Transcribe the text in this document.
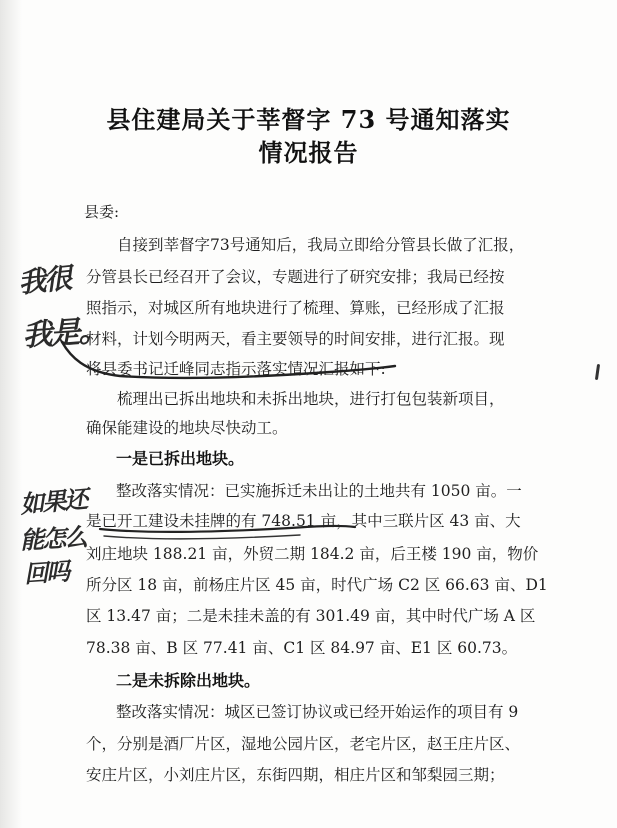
县住建局关于莘督字 73 号通知落实
情况报告
县委:
自接到莘督字73号通知后，我局立即给分管县长做了汇报，
分管县长已经召开了会议，专题进行了研究安排；我局已经按
照指示，对城区所有地块进行了梳理、算账，已经形成了汇报
材料，计划今明两天，看主要领导的时间安排，进行汇报。现
将县委书记迁峰同志指示落实情况汇报如下:
梳理出已拆出地块和未拆出地块，进行打包包装新项目，
确保能建设的地块尽快动工。
一是已拆出地块。
整改落实情况：已实施拆迁未出让的土地共有 1050 亩。一
是已开工建设未挂牌的有 748.51 亩，其中三联片区 43 亩、大
刘庄地块 188.21 亩，外贸二期 184.2 亩，后王楼 190 亩，物价
所分区 18 亩，前杨庄片区 45 亩，时代广场 C2 区 66.63 亩、D1
区 13.47 亩；二是未挂未盖的有 301.49 亩，其中时代广场 A 区
78.38 亩、B 区 77.41 亩、C1 区 84.97 亩、E1 区 60.73。
二是未拆除出地块。
整改落实情况：城区已签订协议或已经开始运作的项目有 9
个，分别是酒厂片区，湿地公园片区，老宅片区，赵王庄片区、
安庄片区，小刘庄片区，东街四期，相庄片区和邹梨园三期；
我很
我是。
如果还
能怎么
回吗
